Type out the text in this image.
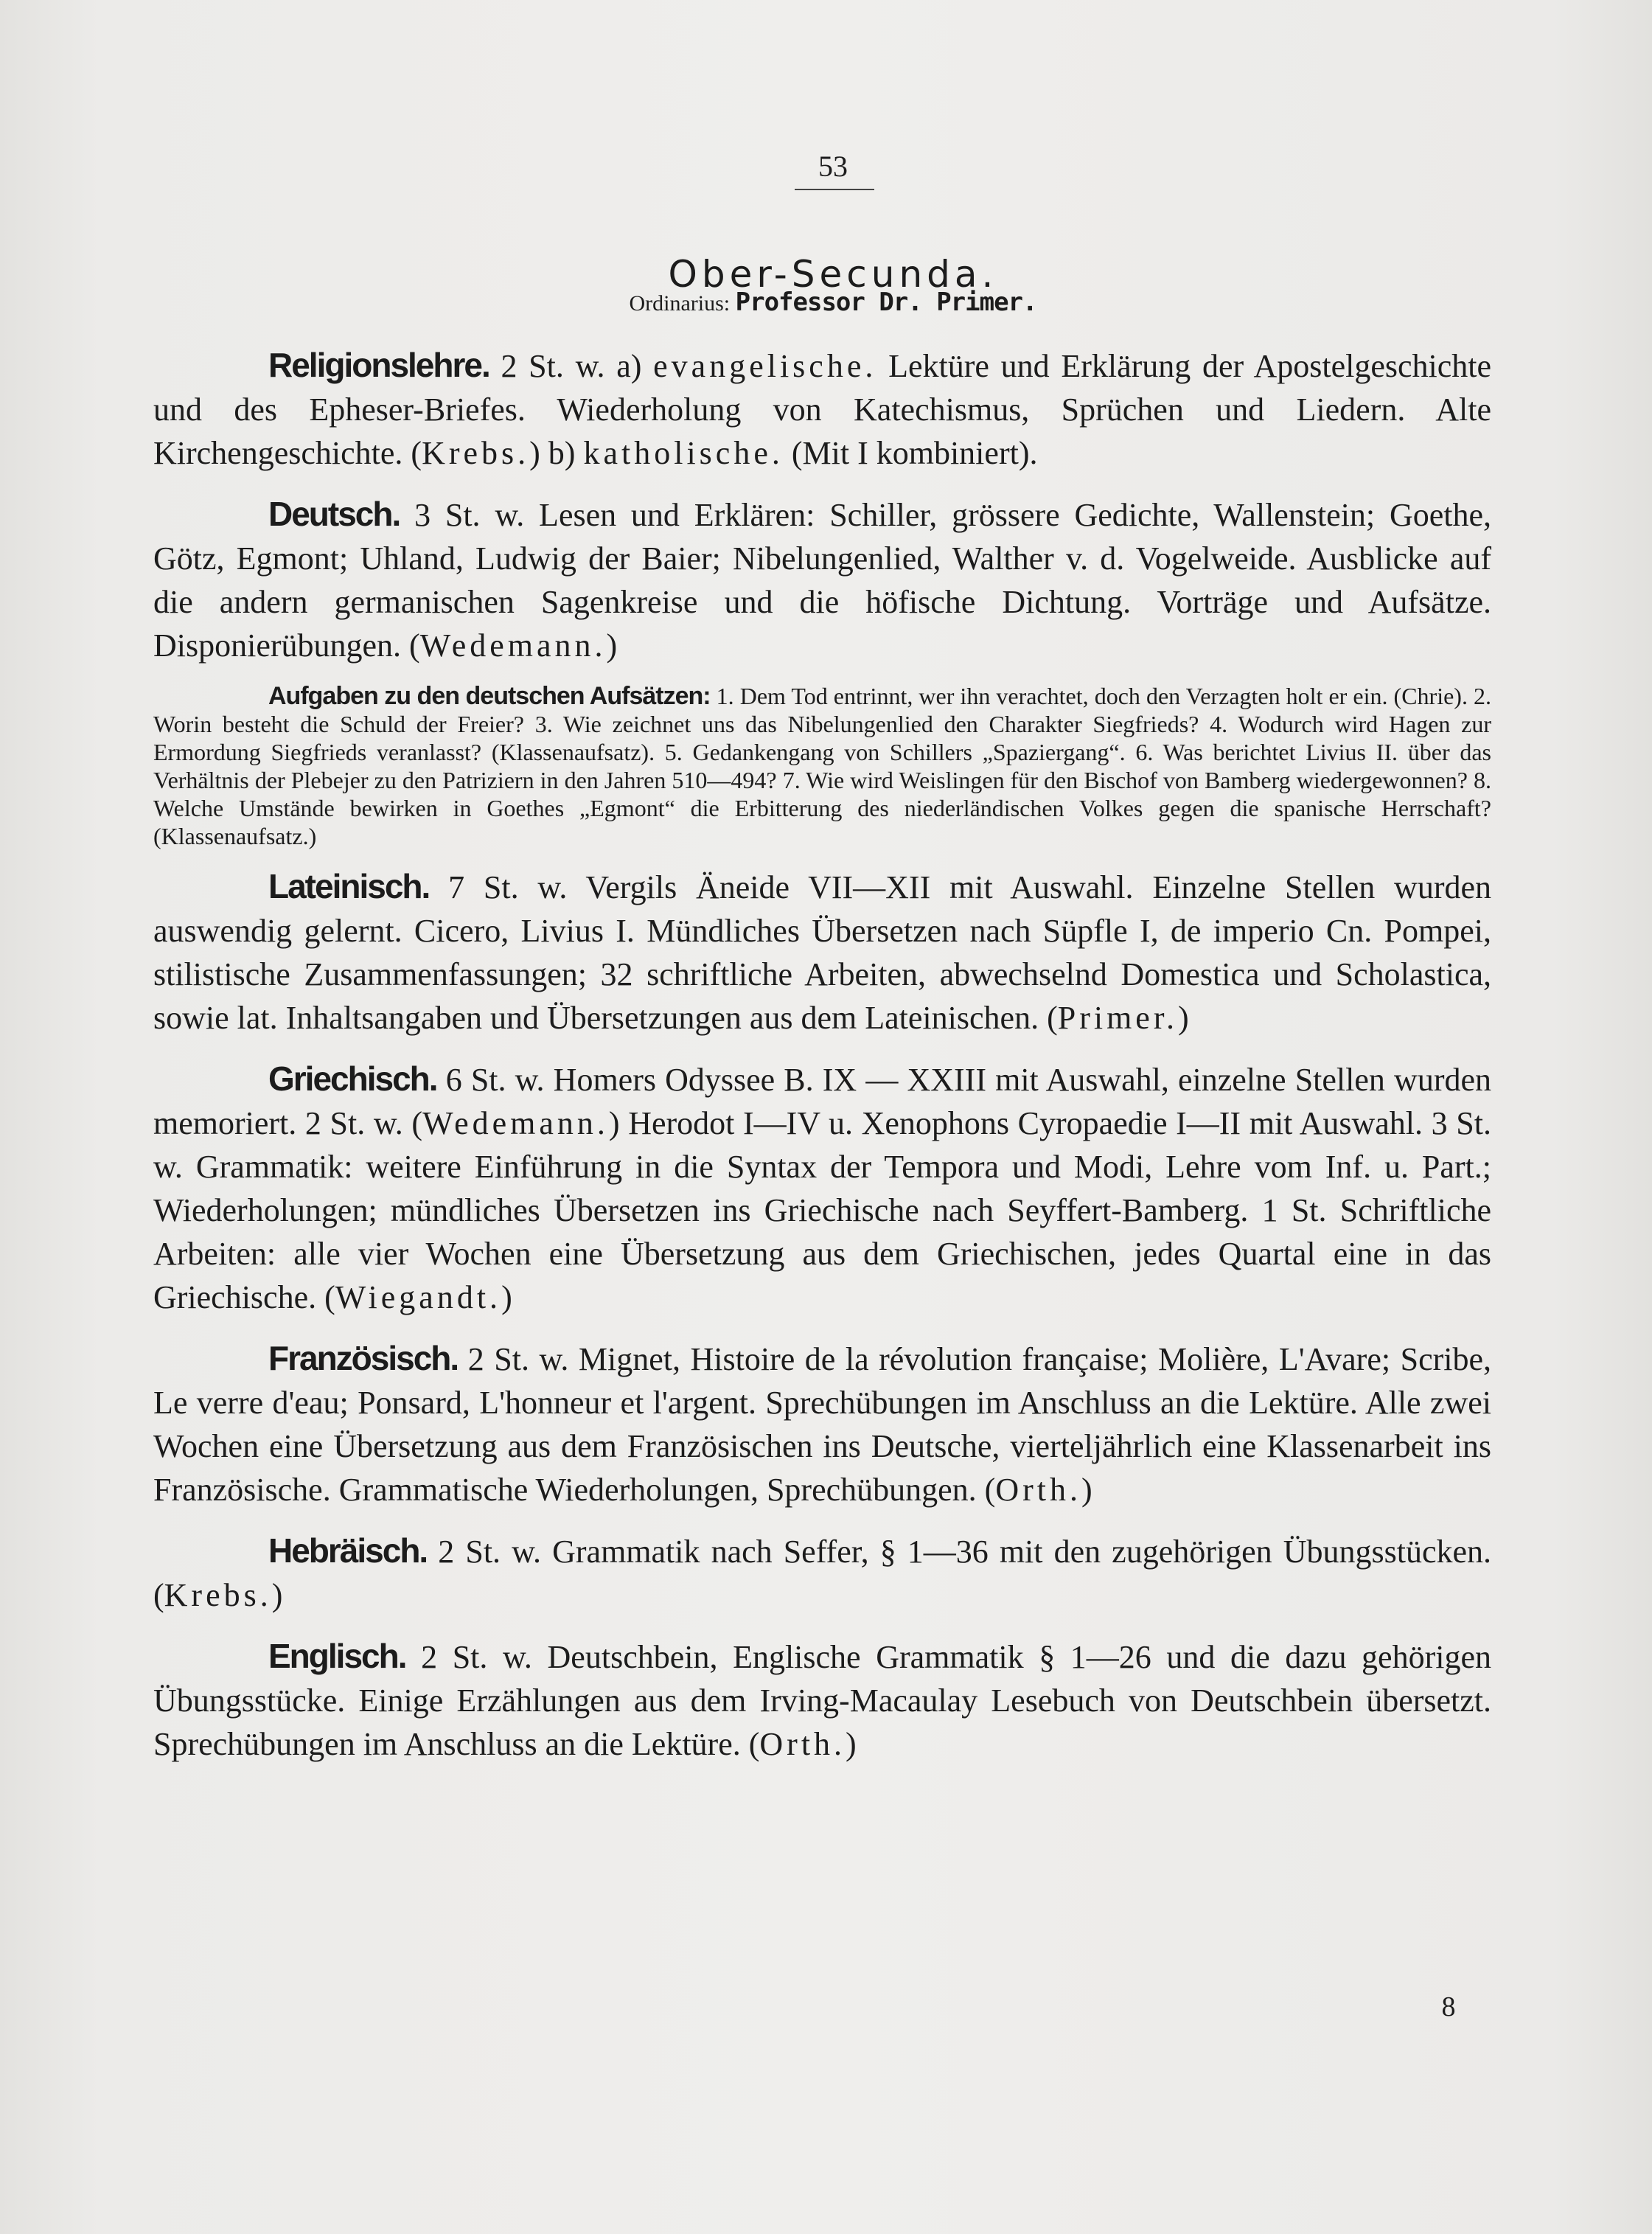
53
Ober-Secunda.
Ordinarius: Professor Dr. Primer.

Religionslehre. 2 St. w. a) evangelische. Lektüre und Erklärung der Apostelgeschichte und des Epheser-Briefes. Wiederholung von Katechismus, Sprüchen und Liedern. Alte Kirchengeschichte. (Krebs.) b) katholische. (Mit I kombiniert).

Deutsch. 3 St. w. Lesen und Erklären: Schiller, grössere Gedichte, Wallenstein; Goethe, Götz, Egmont; Uhland, Ludwig der Baier; Nibelungenlied, Walther v. d. Vogelweide. Ausblicke auf die andern germanischen Sagenkreise und die höfische Dichtung. Vorträge und Aufsätze. Disponierübungen. (Wedemann.)

Aufgaben zu den deutschen Aufsätzen: 1. Dem Tod entrinnt, wer ihn verachtet, doch den Verzagten holt er ein. (Chrie). 2. Worin besteht die Schuld der Freier? 3. Wie zeichnet uns das Nibelungenlied den Charakter Siegfrieds? 4. Wodurch wird Hagen zur Ermordung Siegfrieds veranlasst? (Klassenaufsatz). 5. Gedankengang von Schillers „Spaziergang“. 6. Was berichtet Livius II. über das Verhältnis der Plebejer zu den Patriziern in den Jahren 510—494? 7. Wie wird Weislingen für den Bischof von Bamberg wiedergewonnen? 8. Welche Umstände bewirken in Goethes „Egmont“ die Erbitterung des niederländischen Volkes gegen die spanische Herrschaft? (Klassenaufsatz.)

Lateinisch. 7 St. w. Vergils Äneide VII—XII mit Auswahl. Einzelne Stellen wurden auswendig gelernt. Cicero, Livius I. Mündliches Übersetzen nach Süpfle I, de imperio Cn. Pompei, stilistische Zusammenfassungen; 32 schriftliche Arbeiten, abwechselnd Domestica und Scholastica, sowie lat. Inhaltsangaben und Übersetzungen aus dem Lateinischen. (Primer.)

Griechisch. 6 St. w. Homers Odyssee B. IX — XXIII mit Auswahl, einzelne Stellen wurden memoriert. 2 St. w. (Wedemann.) Herodot I—IV u. Xenophons Cyropaedie I—II mit Auswahl. 3 St. w. Grammatik: weitere Einführung in die Syntax der Tempora und Modi, Lehre vom Inf. u. Part.; Wiederholungen; mündliches Übersetzen ins Griechische nach Seyffert-Bamberg. 1 St. Schriftliche Arbeiten: alle vier Wochen eine Übersetzung aus dem Griechischen, jedes Quartal eine in das Griechische. (Wiegandt.)

Französisch. 2 St. w. Mignet, Histoire de la révolution française; Molière, L'Avare; Scribe, Le verre d'eau; Ponsard, L'honneur et l'argent. Sprechübungen im Anschluss an die Lektüre. Alle zwei Wochen eine Übersetzung aus dem Französischen ins Deutsche, vierteljährlich eine Klassenarbeit ins Französische. Grammatische Wiederholungen, Sprechübungen. (Orth.)

Hebräisch. 2 St. w. Grammatik nach Seffer, § 1—36 mit den zugehörigen Übungsstücken. (Krebs.)

Englisch. 2 St. w. Deutschbein, Englische Grammatik § 1—26 und die dazu gehörigen Übungsstücke. Einige Erzählungen aus dem Irving-Macaulay Lesebuch von Deutschbein übersetzt. Sprechübungen im Anschluss an die Lektüre. (Orth.)

8
